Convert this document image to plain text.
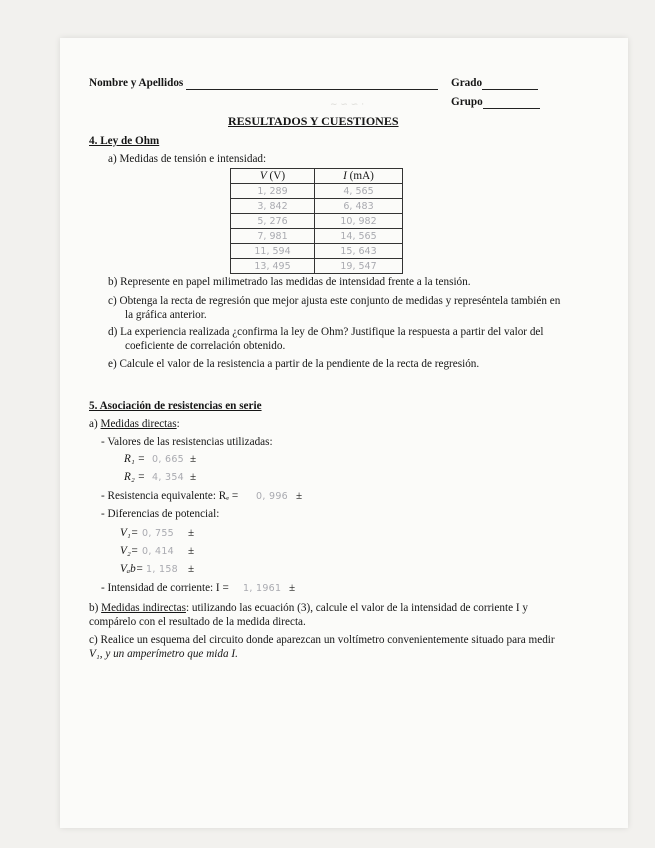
∼ ∽ ∽ ·
Nombre y Apellidos	Grado
Grupo
RESULTADOS Y CUESTIONES
4. Ley de Ohm
a) Medidas de tensión e intensidad:
V (V)	I (mA)
1, 289	4, 565
3, 842	6, 483
5, 276	10, 982
7, 981	14, 565
11, 594	15, 643
13, 495	19, 547
b) Represente en papel milimetrado las medidas de intensidad frente a la tensión.
c) Obtenga la recta de regresión que mejor ajusta este conjunto de medidas y represéntela también en
la gráfica anterior.
d) La experiencia realizada ¿confirma la ley de Ohm? Justifique la respuesta a partir del valor del
coeficiente de correlación obtenido.
e) Calcule el valor de la resistencia a partir de la pendiente de la recta de regresión.
5. Asociación de resistencias en serie
a) Medidas directas:
- Valores de las resistencias utilizadas:
R₁ = 0, 665 ±
R₂ = 4, 354 ±
- Resistencia equivalente: Rₑ = 0, 996 ±
- Diferencias de potencial:
V₁= 0, 755 ±
V₂= 0, 414 ±
Vₐb= 1, 158 ±
- Intensidad de corriente: I = 1, 1961 ±
b) Medidas indirectas: utilizando las ecuación (3), calcule el valor de la intensidad de corriente I y
compárelo con el resultado de la medida directa.
c) Realice un esquema del circuito donde aparezcan un voltímetro convenientemente situado para medir
V₁, y un amperímetro que mida I.
